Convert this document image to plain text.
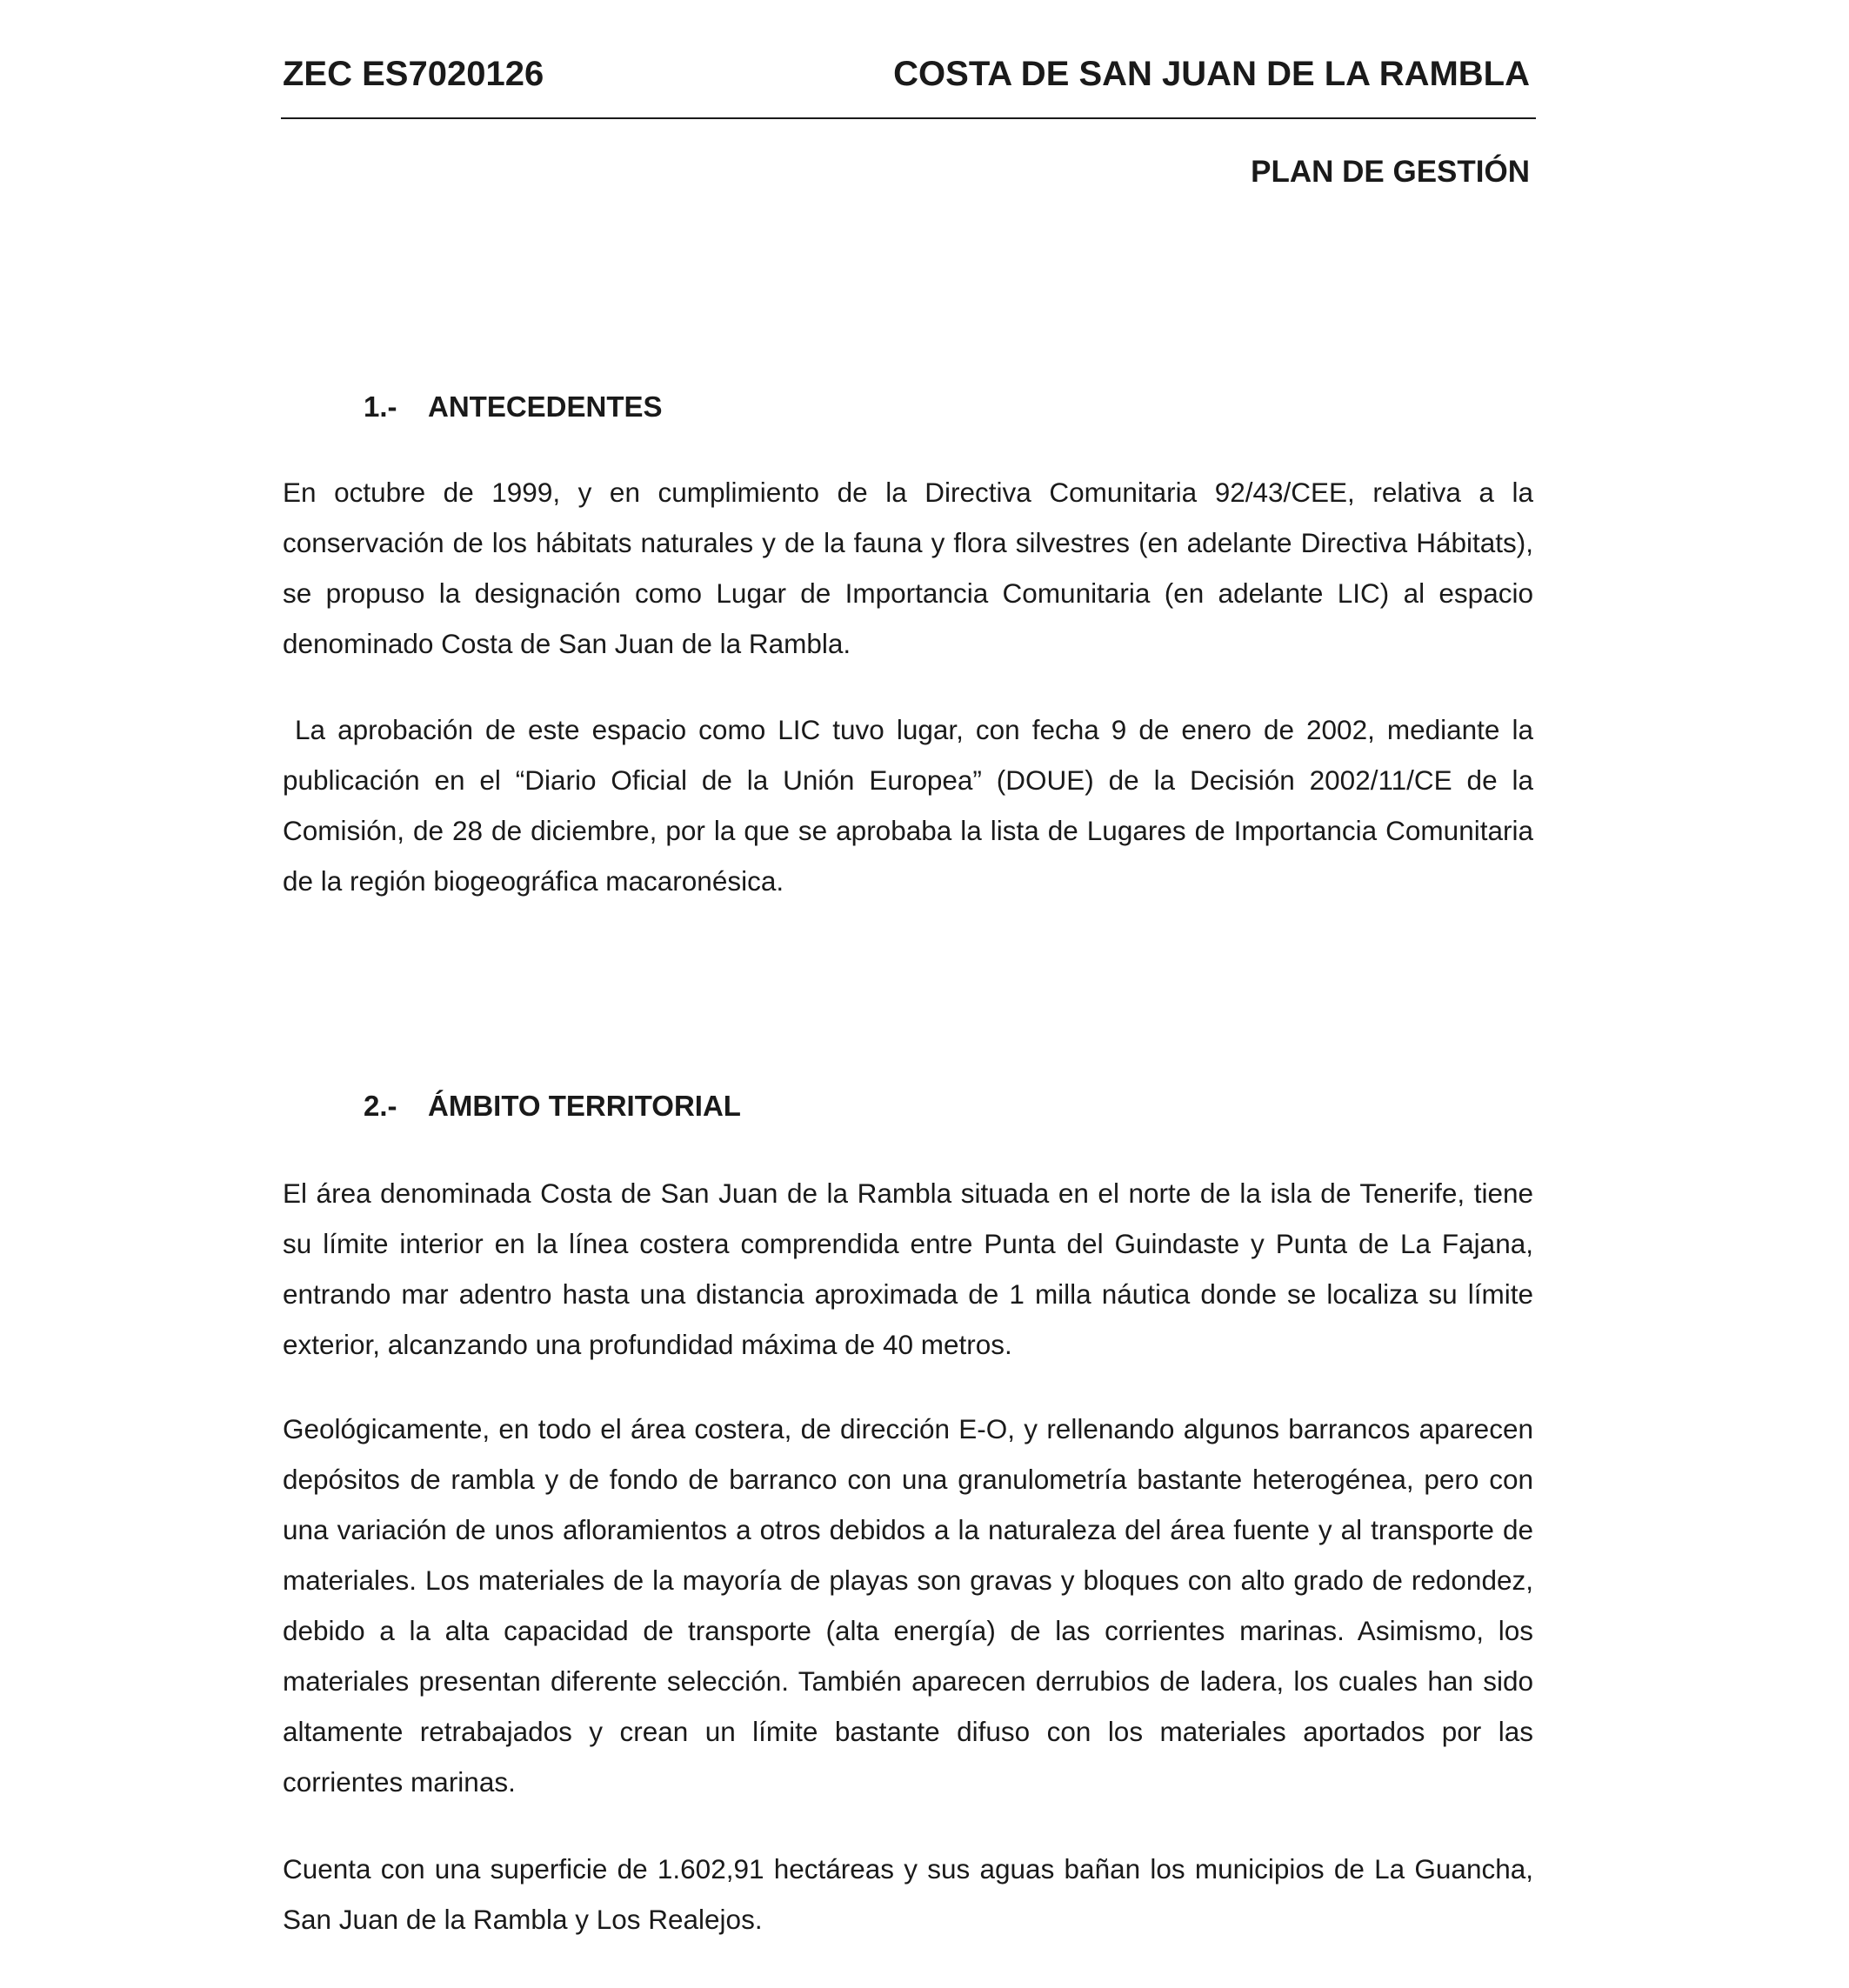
ZEC ES7020126	COSTA DE SAN JUAN DE LA RAMBLA
PLAN DE GESTIÓN
1.- ANTECEDENTES

En octubre de 1999, y en cumplimiento de la Directiva Comunitaria 92/43/CEE, relativa a la conservación de los hábitats naturales y de la fauna y flora silvestres (en adelante Directiva Hábitats), se propuso la designación como Lugar de Importancia Comunitaria (en adelante LIC) al espacio denominado Costa de San Juan de la Rambla.

La aprobación de este espacio como LIC tuvo lugar, con fecha 9 de enero de 2002, mediante la publicación en el “Diario Oficial de la Unión Europea” (DOUE) de la Decisión 2002/11/CE de la Comisión, de 28 de diciembre, por la que se aprobaba la lista de Lugares de Importancia Comunitaria de la región biogeográfica macaronésica.

2.- ÁMBITO TERRITORIAL

El área denominada Costa de San Juan de la Rambla situada en el norte de la isla de Tenerife, tiene su límite interior en la línea costera comprendida entre Punta del Guindaste y Punta de La Fajana, entrando mar adentro hasta una distancia aproximada de 1 milla náutica donde se localiza su límite exterior, alcanzando una profundidad máxima de 40 metros.

Geológicamente, en todo el área costera, de dirección E-O, y rellenando algunos barrancos aparecen depósitos de rambla y de fondo de barranco con una granulometría bastante heterogénea, pero con una variación de unos afloramientos a otros debidos a la naturaleza del área fuente y al transporte de materiales. Los materiales de la mayoría de playas son gravas y bloques con alto grado de redondez, debido a la alta capacidad de transporte (alta energía) de las corrientes marinas. Asimismo, los materiales presentan diferente selección. También aparecen derrubios de ladera, los cuales han sido altamente retrabajados y crean un límite bastante difuso con los materiales aportados por las corrientes marinas.

Cuenta con una superficie de 1.602,91 hectáreas y sus aguas bañan los municipios de La Guancha, San Juan de la Rambla y Los Realejos.
